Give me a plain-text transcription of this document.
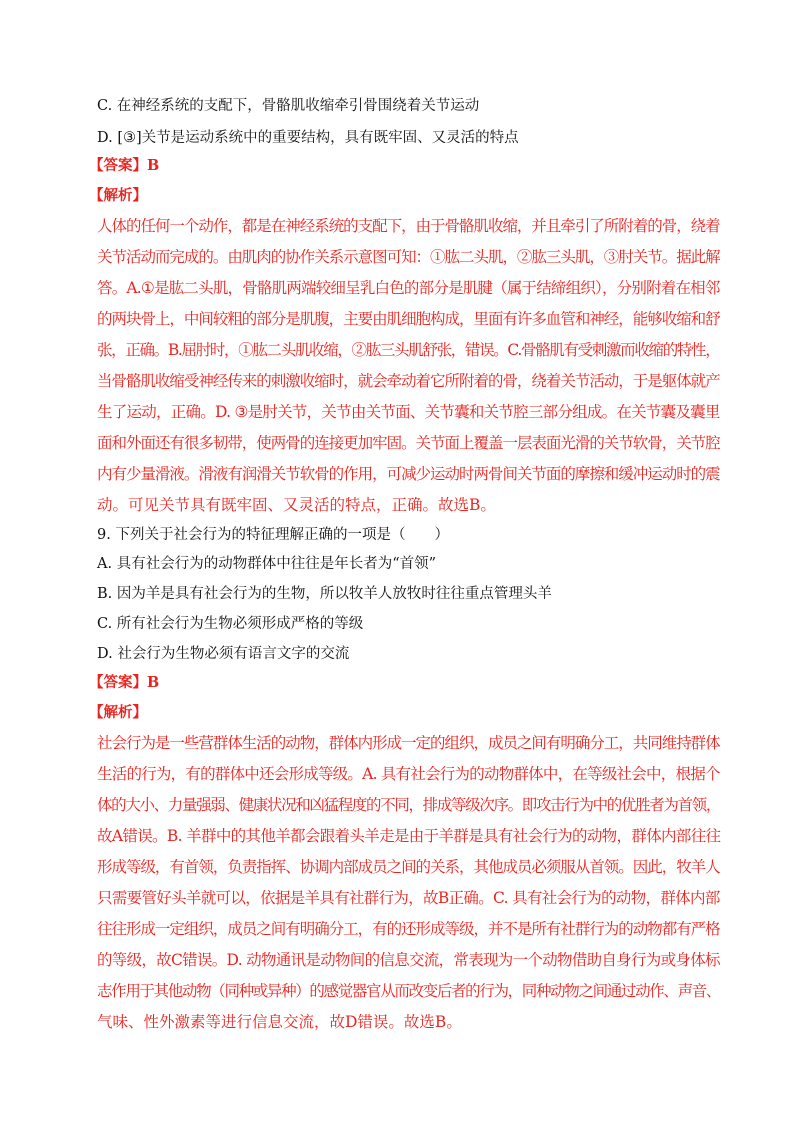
C. 在神经系统的支配下，骨骼肌收缩牵引骨围绕着关节运动
D. [③]关节是运动系统中的重要结构，具有既牢固、又灵活的特点
【答案】B
【解析】
人体的任何一个动作，都是在神经系统的支配下，由于骨骼肌收缩，并且牵引了所附着的骨，绕着
关节活动而完成的。由肌肉的协作关系示意图可知：①肱二头肌，②肱三头肌，③肘关节。据此解
答。A.①是肱二头肌，骨骼肌两端较细呈乳白色的部分是肌腱（属于结缔组织），分别附着在相邻
的两块骨上，中间较粗的部分是肌腹，主要由肌细胞构成，里面有许多血管和神经，能够收缩和舒
张，正确。B.屈肘时，①肱二头肌收缩，②肱三头肌舒张，错误。C.骨骼肌有受刺激而收缩的特性，
当骨骼肌收缩受神经传来的刺激收缩时，就会牵动着它所附着的骨，绕着关节活动，于是躯体就产
生了运动，正确。D. ③是肘关节，关节由关节面、关节囊和关节腔三部分组成。在关节囊及囊里
面和外面还有很多韧带，使两骨的连接更加牢固。关节面上覆盖一层表面光滑的关节软骨，关节腔
内有少量滑液。滑液有润滑关节软骨的作用，可减少运动时两骨间关节面的摩擦和缓冲运动时的震
动。可见关节具有既牢固、又灵活的特点，正确。故选B。
9. 下列关于社会行为的特征理解正确的一项是（　　）
A. 具有社会行为的动物群体中往往是年长者为“首领”
B. 因为羊是具有社会行为的生物，所以牧羊人放牧时往往重点管理头羊
C. 所有社会行为生物必须形成严格的等级
D. 社会行为生物必须有语言文字的交流
【答案】B
【解析】
社会行为是一些营群体生活的动物，群体内形成一定的组织，成员之间有明确分工，共同维持群体
生活的行为，有的群体中还会形成等级。A. 具有社会行为的动物群体中，在等级社会中，根据个
体的大小、力量强弱、健康状况和凶猛程度的不同，排成等级次序。即攻击行为中的优胜者为首领，
故A错误。B. 羊群中的其他羊都会跟着头羊走是由于羊群是具有社会行为的动物，群体内部往往
形成等级，有首领，负责指挥、协调内部成员之间的关系，其他成员必须服从首领。因此，牧羊人
只需要管好头羊就可以，依据是羊具有社群行为，故B正确。C. 具有社会行为的动物，群体内部
往往形成一定组织，成员之间有明确分工，有的还形成等级，并不是所有社群行为的动物都有严格
的等级，故C错误。D. 动物通讯是动物间的信息交流，常表现为一个动物借助自身行为或身体标
志作用于其他动物（同种或异种）的感觉器官从而改变后者的行为，同种动物之间通过动作、声音、
气味、性外激素等进行信息交流，故D错误。故选B。
